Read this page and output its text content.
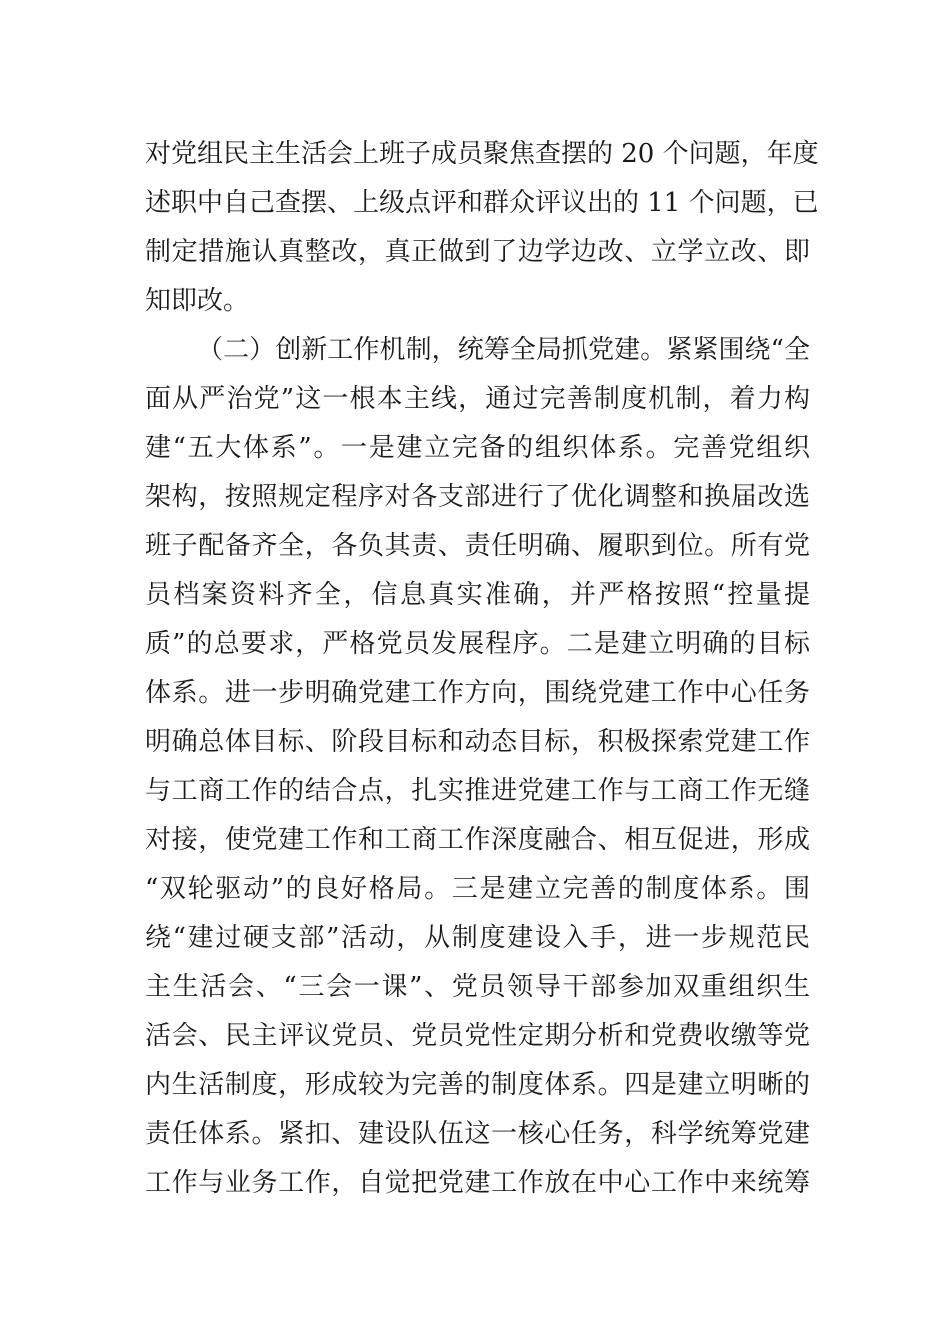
对党组民主生活会上班子成员聚焦查摆的 20 个问题，年度
述职中自己查摆、上级点评和群众评议出的 11 个问题，已
制定措施认真整改，真正做到了边学边改、立学立改、即
知即改。
（二）创新工作机制，统筹全局抓党建。紧紧围绕“全
面从严治党”这一根本主线，通过完善制度机制，着力构
建“五大体系”。一是建立完备的组织体系。完善党组织
架构，按照规定程序对各支部进行了优化调整和换届改选
班子配备齐全，各负其责、责任明确、履职到位。所有党
员档案资料齐全，信息真实准确，并严格按照“控量提
质”的总要求，严格党员发展程序。二是建立明确的目标
体系。进一步明确党建工作方向，围绕党建工作中心任务
明确总体目标、阶段目标和动态目标，积极探索党建工作
与工商工作的结合点，扎实推进党建工作与工商工作无缝
对接，使党建工作和工商工作深度融合、相互促进，形成
“双轮驱动”的良好格局。三是建立完善的制度体系。围
绕“建过硬支部”活动，从制度建设入手，进一步规范民
主生活会、“三会一课”、党员领导干部参加双重组织生
活会、民主评议党员、党员党性定期分析和党费收缴等党
内生活制度，形成较为完善的制度体系。四是建立明晰的
责任体系。紧扣、建设队伍这一核心任务，科学统筹党建
工作与业务工作，自觉把党建工作放在中心工作中来统筹
